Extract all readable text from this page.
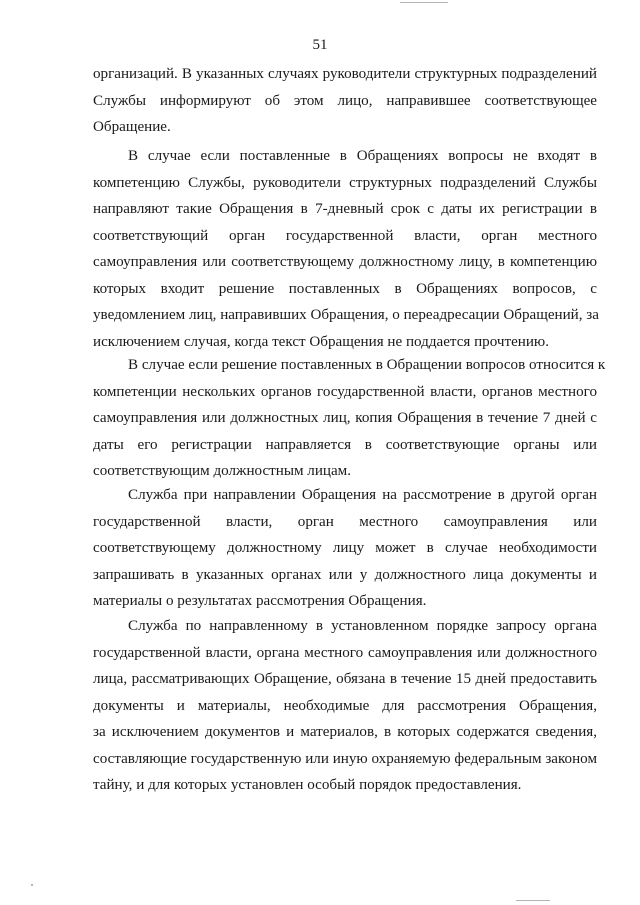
51
организаций. В указанных случаях руководители структурных подразделений
Службы информируют об этом лицо, направившее соответствующее
Обращение.
В случае если поставленные в Обращениях вопросы не входят в
компетенцию Службы, руководители структурных подразделений Службы
направляют такие Обращения в 7-дневный срок с даты их регистрации в
соответствующий орган государственной власти, орган местного
самоуправления или соответствующему должностному лицу, в компетенцию
которых входит решение поставленных в Обращениях вопросов, с
уведомлением лиц, направивших Обращения, о переадресации Обращений, за
исключением случая, когда текст Обращения не поддается прочтению.
В случае если решение поставленных в Обращении вопросов относится к
компетенции нескольких органов государственной власти, органов местного
самоуправления или должностных лиц, копия Обращения в течение 7 дней с
даты его регистрации направляется в соответствующие органы или
соответствующим должностным лицам.
Служба при направлении Обращения на рассмотрение в другой орган
государственной власти, орган местного самоуправления или
соответствующему должностному лицу может в случае необходимости
запрашивать в указанных органах или у должностного лица документы и
материалы о результатах рассмотрения Обращения.
Служба по направленному в установленном порядке запросу органа
государственной власти, органа местного самоуправления или должностного
лица, рассматривающих Обращение, обязана в течение 15 дней предоставить
документы и материалы, необходимые для рассмотрения Обращения,
за исключением документов и материалов, в которых содержатся сведения,
составляющие государственную или иную охраняемую федеральным законом
тайну, и для которых установлен особый порядок предоставления.
